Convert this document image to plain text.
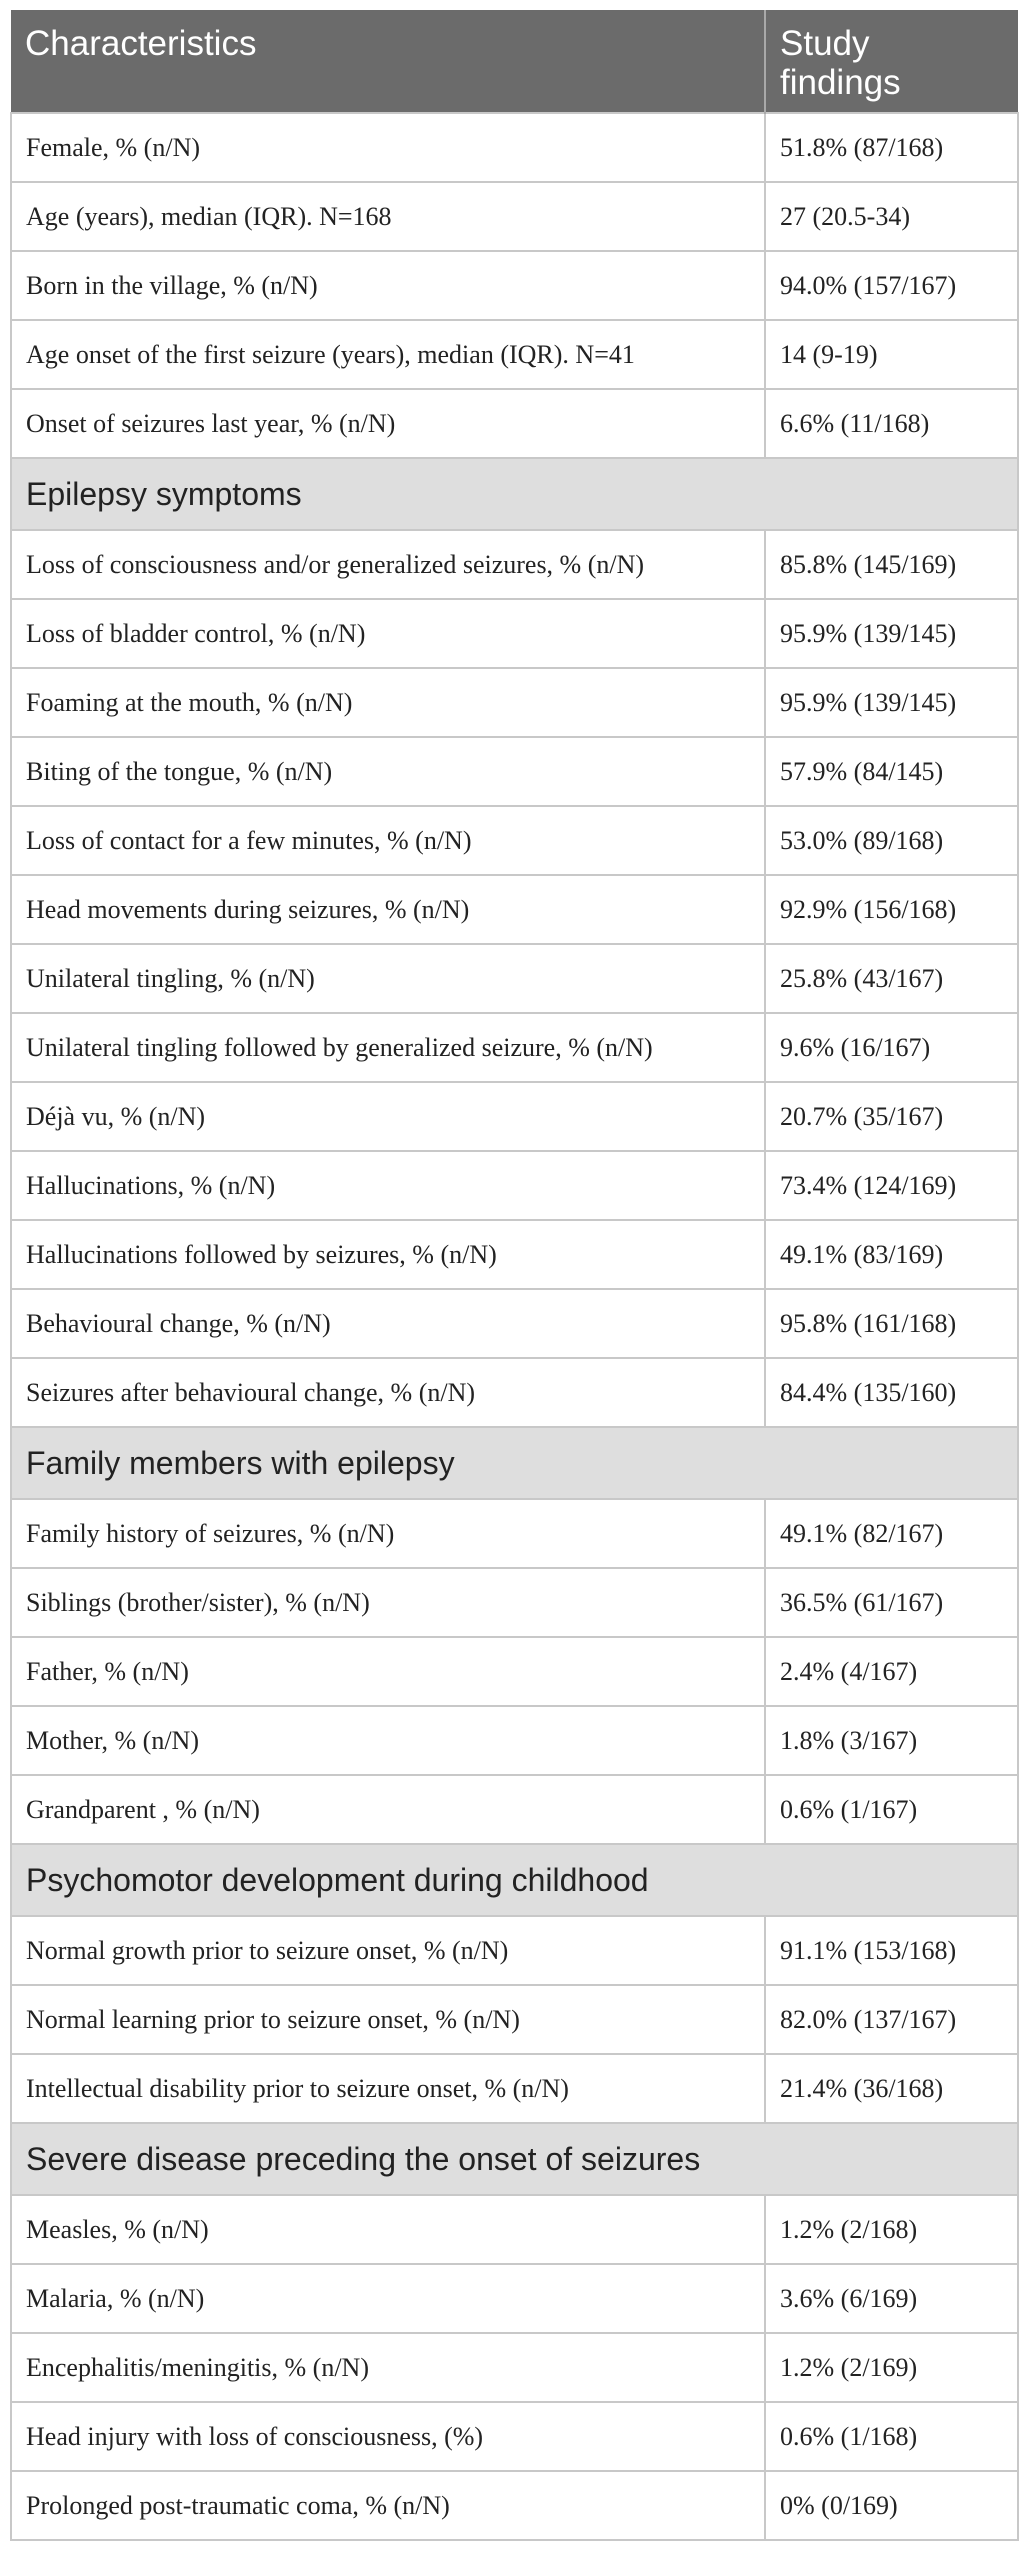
Characteristics	Study
findings
Female, % (n/N)	51.8% (87/168)
Age (years), median (IQR). N=168	27 (20.5-34)
Born in the village, % (n/N)	94.0% (157/167)
Age onset of the first seizure (years), median (IQR). N=41	14 (9-19)
Onset of seizures last year, % (n/N)	6.6% (11/168)
Epilepsy symptoms	
Loss of consciousness and/or generalized seizures, % (n/N)	85.8% (145/169)
Loss of bladder control, % (n/N)	95.9% (139/145)
Foaming at the mouth, % (n/N)	95.9% (139/145)
Biting of the tongue, % (n/N)	57.9% (84/145)
Loss of contact for a few minutes, % (n/N)	53.0% (89/168)
Head movements during seizures, % (n/N)	92.9% (156/168)
Unilateral tingling, % (n/N)	25.8% (43/167)
Unilateral tingling followed by generalized seizure, % (n/N)	9.6% (16/167)
Déjà vu, % (n/N)	20.7% (35/167)
Hallucinations, % (n/N)	73.4% (124/169)
Hallucinations followed by seizures, % (n/N)	49.1% (83/169)
Behavioural change, % (n/N)	95.8% (161/168)
Seizures after behavioural change, % (n/N)	84.4% (135/160)
Family members with epilepsy	
Family history of seizures, % (n/N)	49.1% (82/167)
Siblings (brother/sister), % (n/N)	36.5% (61/167)
Father, % (n/N)	2.4% (4/167)
Mother, % (n/N)	1.8% (3/167)
Grandparent , % (n/N)	0.6% (1/167)
Psychomotor development during childhood	
Normal growth prior to seizure onset, % (n/N)	91.1% (153/168)
Normal learning prior to seizure onset, % (n/N)	82.0% (137/167)
Intellectual disability prior to seizure onset, % (n/N)	21.4% (36/168)
Severe disease preceding the onset of seizures	
Measles, % (n/N)	1.2% (2/168)
Malaria, % (n/N)	3.6% (6/169)
Encephalitis/meningitis, % (n/N)	1.2% (2/169)
Head injury with loss of consciousness, (%)	0.6% (1/168)
Prolonged post-traumatic coma, % (n/N)	0% (0/169)
